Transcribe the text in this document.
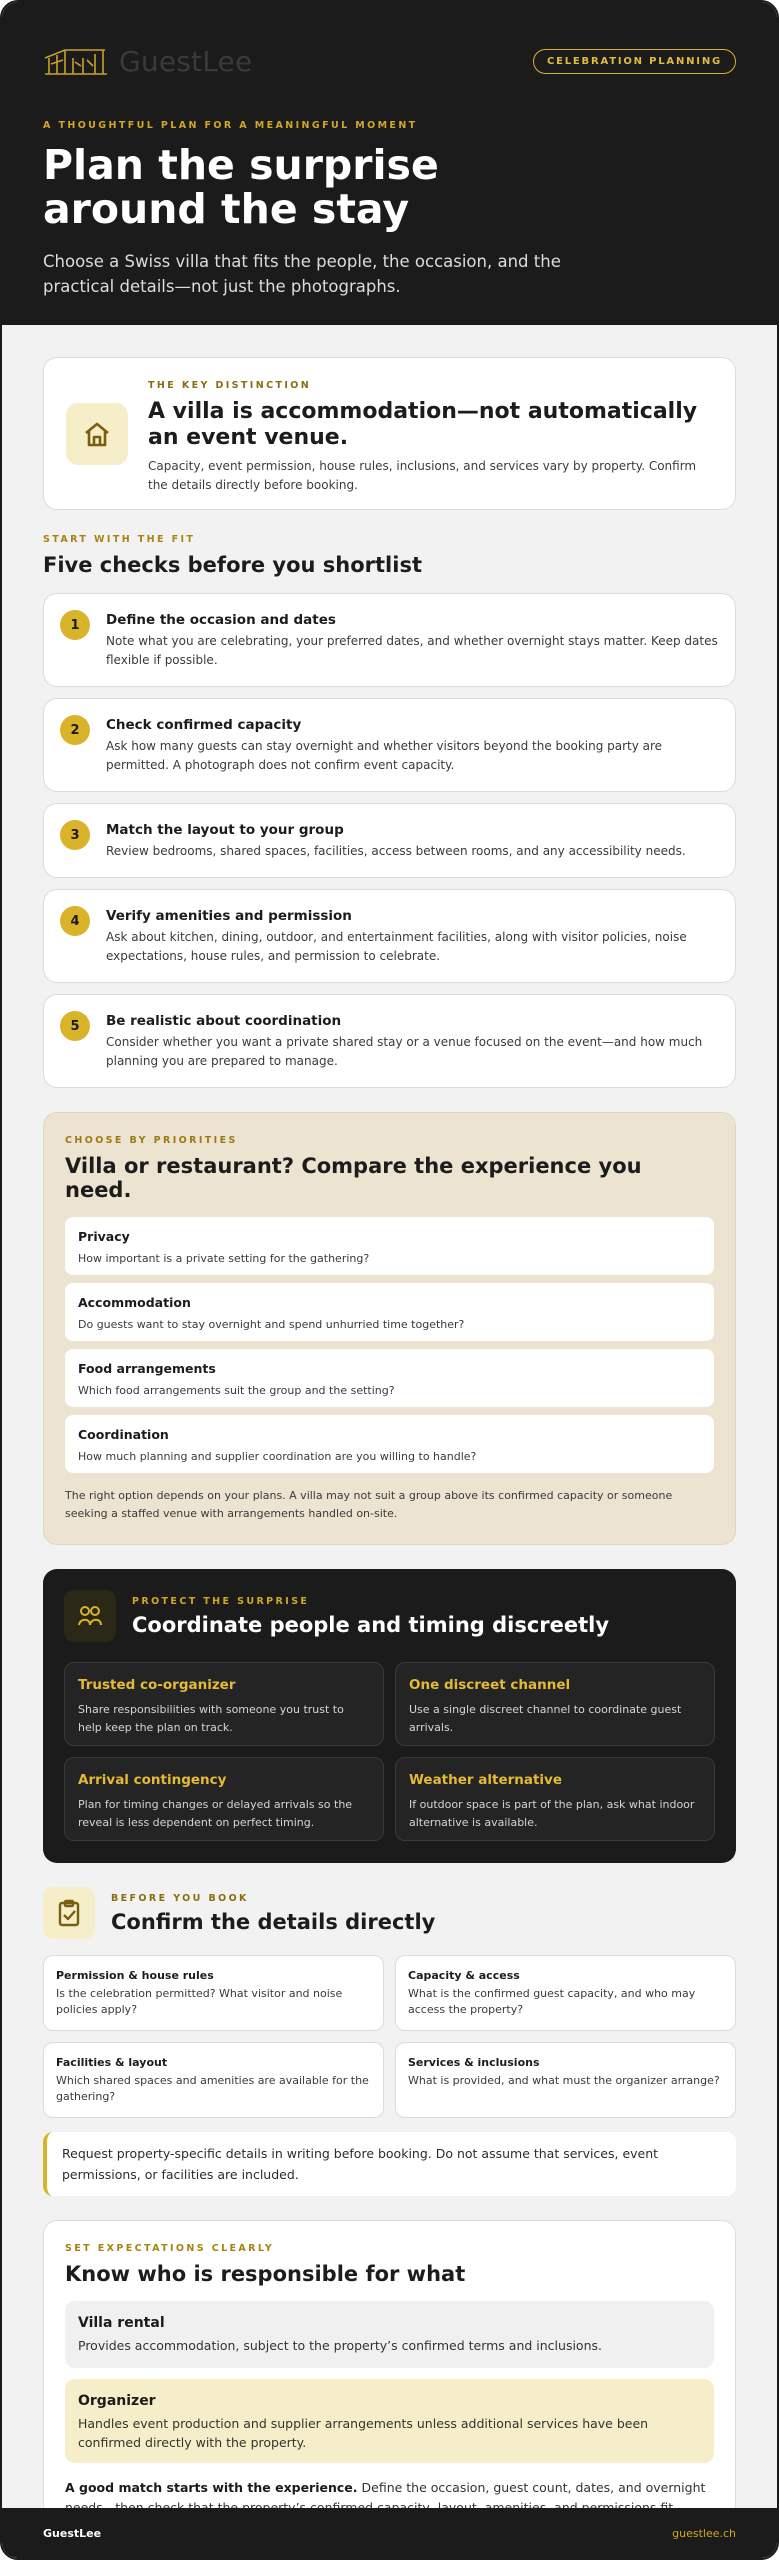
GuestLee	CELEBRATION PLANNING
A THOUGHTFUL PLAN FOR A MEANINGFUL MOMENT
Plan the surprise
around the stay

Choose a Swiss villa that fits the people, the occasion, and the practical details—not just the photographs.

THE KEY DISTINCTION
A villa is accommodation—not automatically an event venue.

Capacity, event permission, house rules, inclusions, and services vary by property. Confirm the details directly before booking.

START WITH THE FIT
Five checks before you shortlist
1	Define the occasion and dates

Note what you are celebrating, your preferred dates, and whether overnight stays matter. Keep dates flexible if possible.

2	Check confirmed capacity

Ask how many guests can stay overnight and whether visitors beyond the booking party are permitted. A photograph does not confirm event capacity.

3	Match the layout to your group

Review bedrooms, shared spaces, facilities, access between rooms, and any accessibility needs.

4	Verify amenities and permission

Ask about kitchen, dining, outdoor, and entertainment facilities, along with visitor policies, noise expectations, house rules, and permission to celebrate.

5	Be realistic about coordination

Consider whether you want a private shared stay or a venue focused on the event—and how much planning you are prepared to manage.

CHOOSE BY PRIORITIES
Villa or restaurant? Compare the experience you need.
Privacy

How important is a private setting for the gathering?

Accommodation

Do guests want to stay overnight and spend unhurried time together?

Food arrangements

Which food arrangements suit the group and the setting?

Coordination

How much planning and supplier coordination are you willing to handle?

The right option depends on your plans. A villa may not suit a group above its confirmed capacity or someone seeking a staffed venue with arrangements handled on-site.

PROTECT THE SURPRISE
Coordinate people and timing discreetly
Trusted co-organizer

Share responsibilities with someone you trust to help keep the plan on track.

One discreet channel

Use a single discreet channel to coordinate guest arrivals.

Arrival contingency

Plan for timing changes or delayed arrivals so the reveal is less dependent on perfect timing.

Weather alternative

If outdoor space is part of the plan, ask what indoor alternative is available.

BEFORE YOU BOOK
Confirm the details directly
Permission & house rules

Is the celebration permitted? What visitor and noise policies apply?

Capacity & access

What is the confirmed guest capacity, and who may access the property?

Facilities & layout

Which shared spaces and amenities are available for the gathering?

Services & inclusions

What is provided, and what must the organizer arrange?

Request property-specific details in writing before booking. Do not assume that services, event permissions, or facilities are included.

SET EXPECTATIONS CLEARLY
Know who is responsible for what
Villa rental

Provides accommodation, subject to the property’s confirmed terms and inclusions.

Organizer

Handles event production and supplier arrangements unless additional services have been confirmed directly with the property.

A good match starts with the experience. Define the occasion, guest count, dates, and overnight

GuestLee	guestlee.ch
